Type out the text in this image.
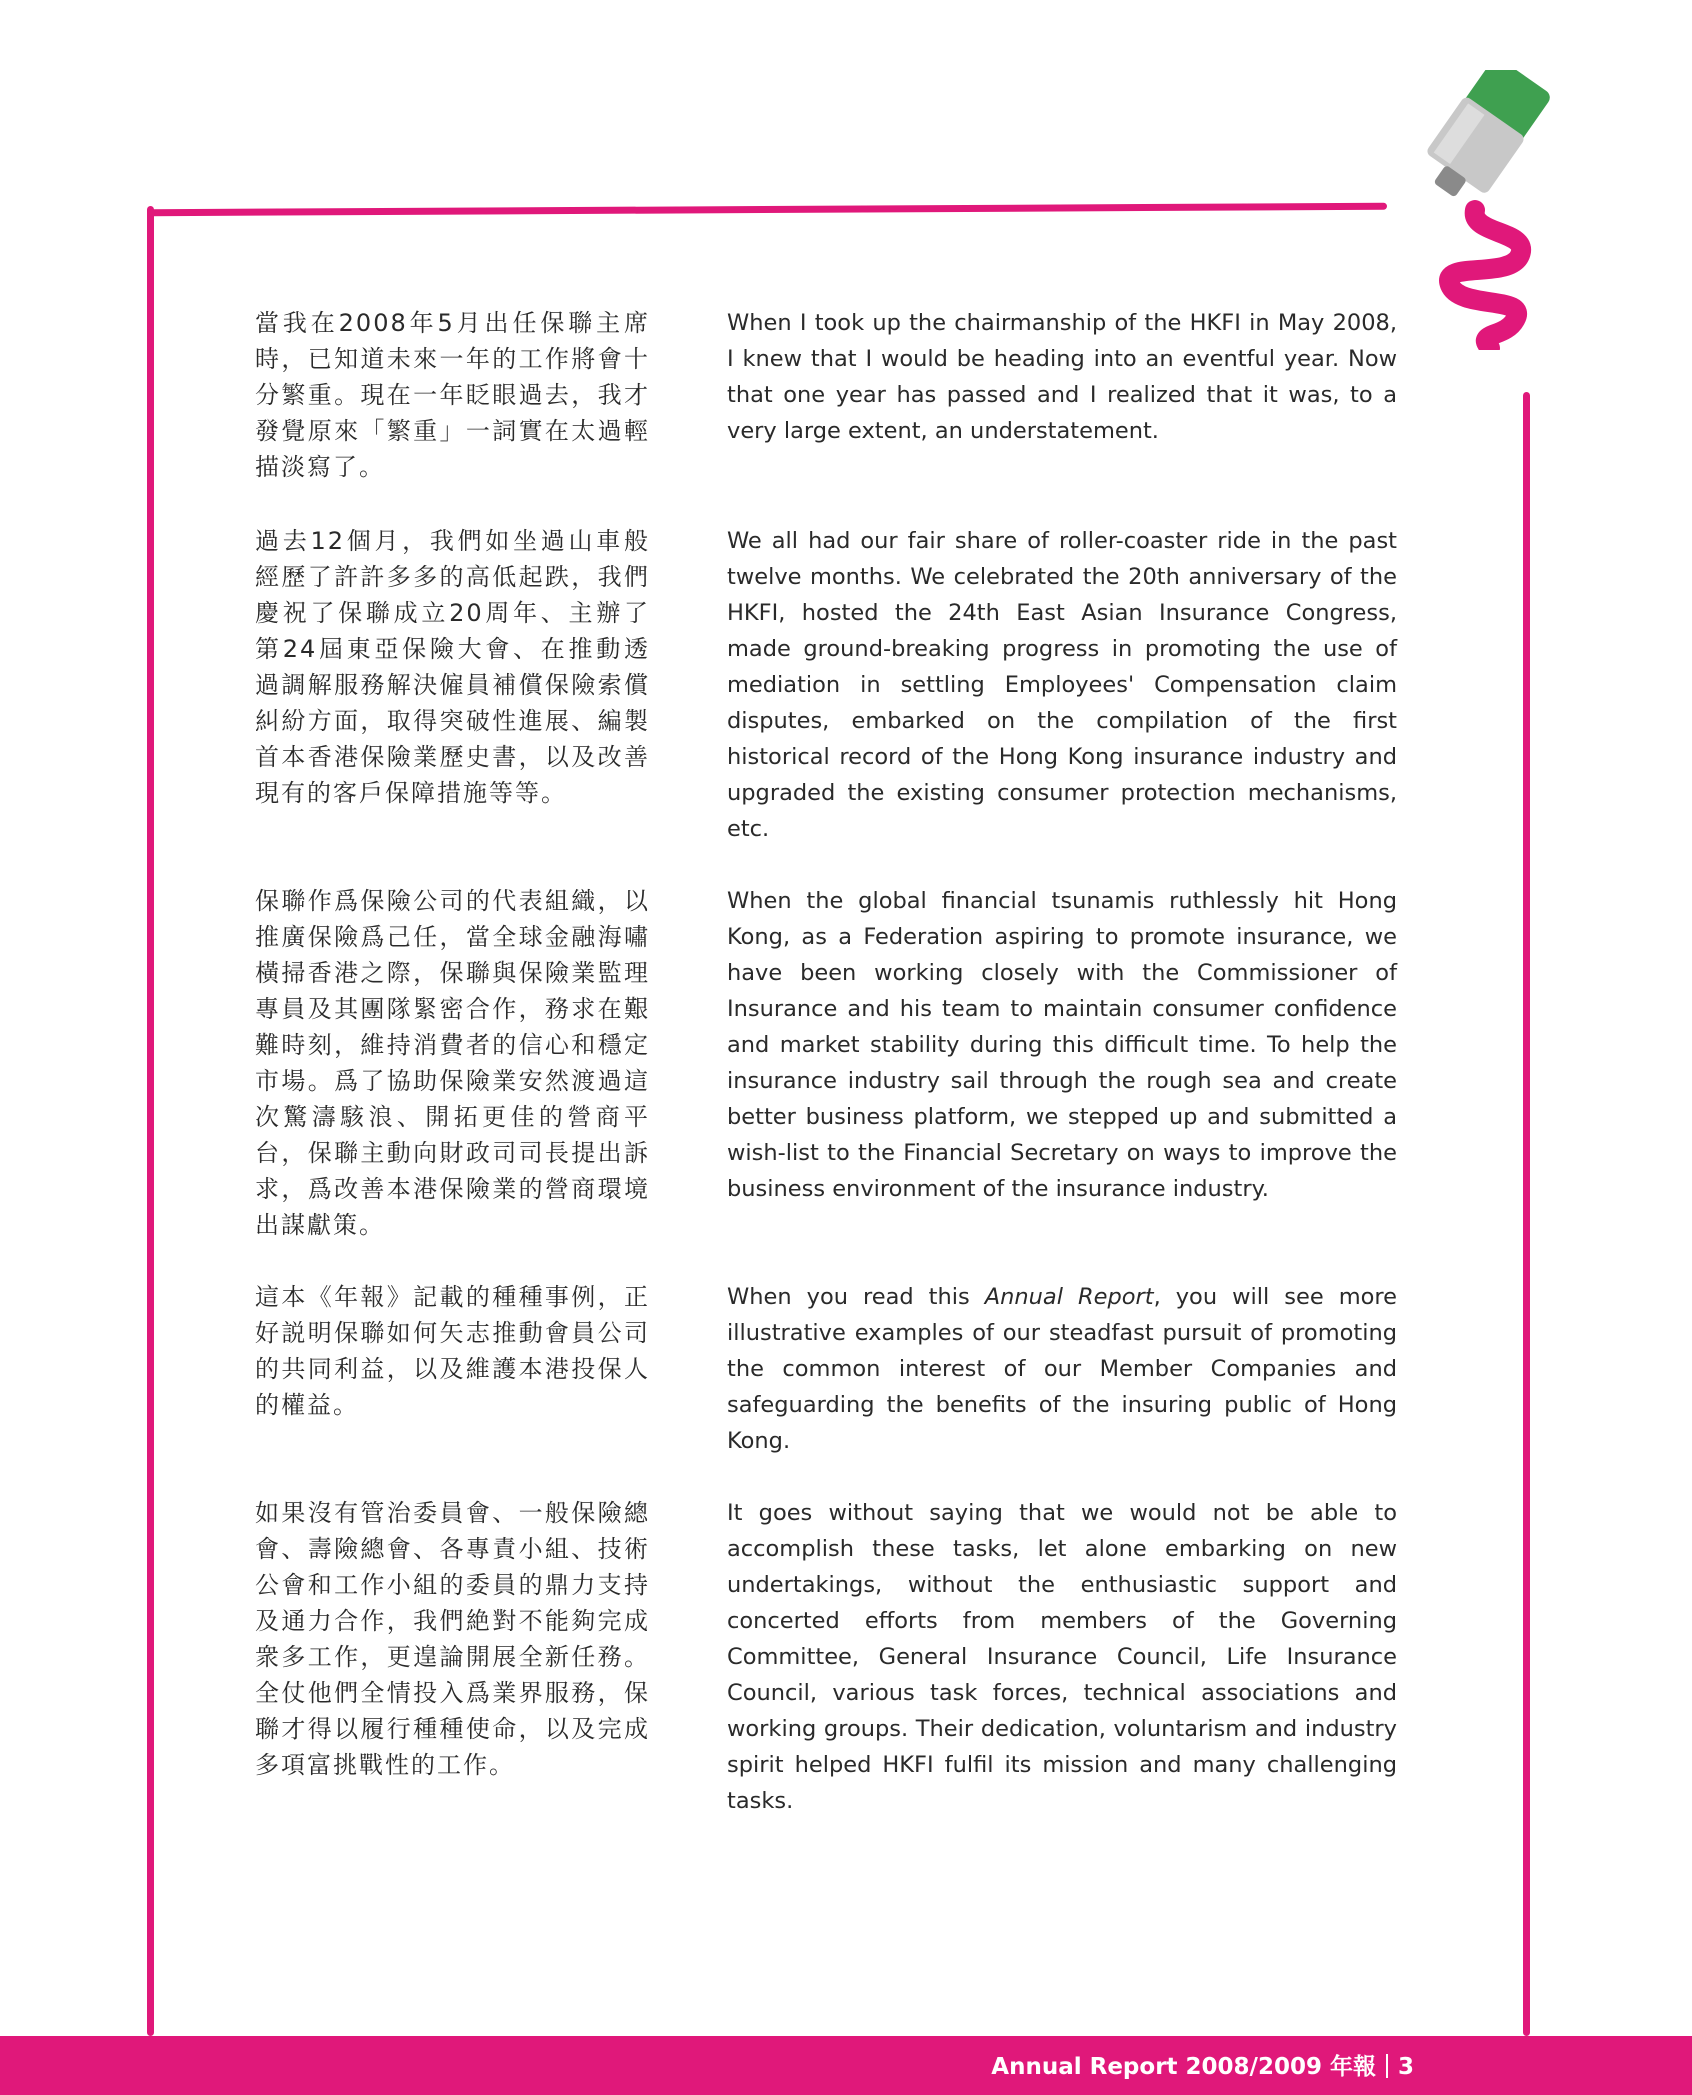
當我在2008年5月出任保聯主席時，已知道未來一年的工作將會十分繁重。現在一年眨眼過去，我才發覺原來「繁重」一詞實在太過輕描淡寫了。

過去12個月，我們如坐過山車般經歷了許許多多的高低起跌，我們慶祝了保聯成立20周年、主辦了第24屆東亞保險大會、在推動透過調解服務解決僱員補償保險索償糾紛方面，取得突破性進展、編製首本香港保險業歷史書，以及改善現有的客戶保障措施等等。

保聯作爲保險公司的代表組織，以推廣保險爲己任，當全球金融海嘯橫掃香港之際，保聯與保險業監理專員及其團隊緊密合作，務求在艱難時刻，維持消費者的信心和穩定市場。爲了協助保險業安然渡過這次驚濤駭浪、開拓更佳的營商平台，保聯主動向財政司司長提出訴求，爲改善本港保險業的營商環境出謀獻策。

這本《年報》記載的種種事例，正好説明保聯如何矢志推動會員公司的共同利益，以及維護本港投保人的權益。

如果沒有管治委員會、一般保險總會、壽險總會、各專責小組、技術公會和工作小組的委員的鼎力支持及通力合作，我們絶對不能夠完成衆多工作，更遑論開展全新任務。全仗他們全情投入爲業界服務，保聯才得以履行種種使命，以及完成多項富挑戰性的工作。

When I took up the chairmanship of the HKFI in May 2008, I knew that I would be heading into an eventful year. Now that one year has passed and I realized that it was, to a very large extent, an understatement.

We all had our fair share of roller-coaster ride in the past twelve months. We celebrated the 20th anniversary of the HKFI, hosted the 24th East Asian Insurance Congress, made ground-breaking progress in promoting the use of mediation in settling Employees' Compensation claim disputes, embarked on the compilation of the first historical record of the Hong Kong insurance industry and upgraded the existing consumer protection mechanisms, etc.

When the global financial tsunamis ruthlessly hit Hong Kong, as a Federation aspiring to promote insurance, we have been working closely with the Commissioner of Insurance and his team to maintain consumer confidence and market stability during this difficult time. To help the insurance industry sail through the rough sea and create better business platform, we stepped up and submitted a wish-list to the Financial Secretary on ways to improve the business environment of the insurance industry.

When you read this Annual Report, you will see more illustrative examples of our steadfast pursuit of promoting the common interest of our Member Companies and safeguarding the benefits of the insuring public of Hong Kong.

It goes without saying that we would not be able to accomplish these tasks, let alone embarking on new undertakings, without the enthusiastic support and concerted efforts from members of the Governing Committee, General Insurance Council, Life Insurance Council, various task forces, technical associations and working groups. Their dedication, voluntarism and industry spirit helped HKFI fulfil its mission and many challenging tasks.

Annual Report 2008/2009 年報 3
